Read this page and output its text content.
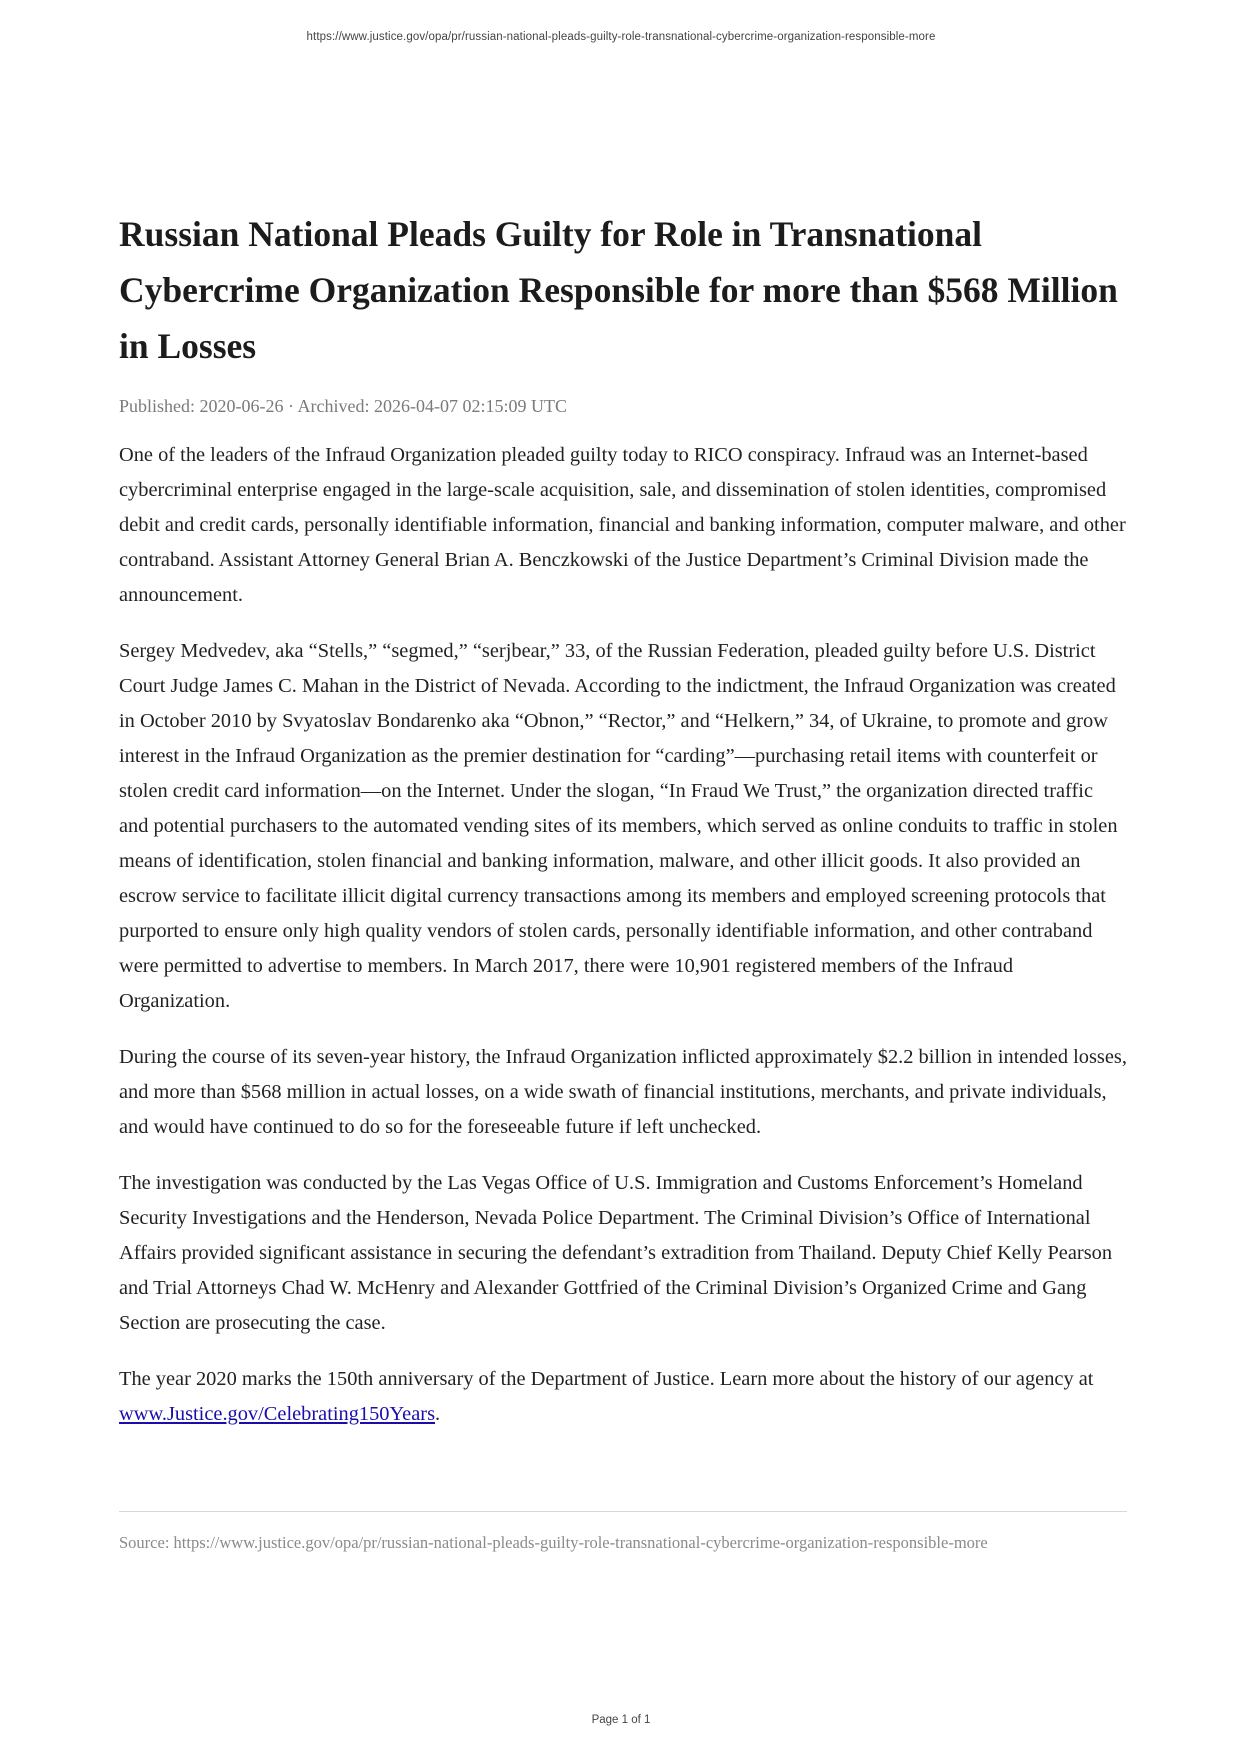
https://www.justice.gov/opa/pr/russian-national-pleads-guilty-role-transnational-cybercrime-organization-responsible-more
Russian National Pleads Guilty for Role in Transnational Cybercrime Organization Responsible for more than $568 Million in Losses
Published: 2020-06-26 · Archived: 2026-04-07 02:15:09 UTC

One of the leaders of the Infraud Organization pleaded guilty today to RICO conspiracy. Infraud was an Internet-based cybercriminal enterprise engaged in the large-scale acquisition, sale, and dissemination of stolen identities, compromised debit and credit cards, personally identifiable information, financial and banking information, computer malware, and other contraband. Assistant Attorney General Brian A. Benczkowski of the Justice Department’s Criminal Division made the announcement.

Sergey Medvedev, aka “Stells,” “segmed,” “serjbear,” 33, of the Russian Federation, pleaded guilty before U.S. District Court Judge James C. Mahan in the District of Nevada. According to the indictment, the Infraud Organization was created in October 2010 by Svyatoslav Bondarenko aka “Obnon,” “Rector,” and “Helkern,” 34, of Ukraine, to promote and grow interest in the Infraud Organization as the premier destination for “carding”—purchasing retail items with counterfeit or stolen credit card information—on the Internet. Under the slogan, “In Fraud We Trust,” the organization directed traffic and potential purchasers to the automated vending sites of its members, which served as online conduits to traffic in stolen means of identification, stolen financial and banking information, malware, and other illicit goods. It also provided an escrow service to facilitate illicit digital currency transactions among its members and employed screening protocols that purported to ensure only high quality vendors of stolen cards, personally identifiable information, and other contraband were permitted to advertise to members. In March 2017, there were 10,901 registered members of the Infraud Organization.

During the course of its seven-year history, the Infraud Organization inflicted approximately $2.2 billion in intended losses, and more than $568 million in actual losses, on a wide swath of financial institutions, merchants, and private individuals, and would have continued to do so for the foreseeable future if left unchecked.

The investigation was conducted by the Las Vegas Office of U.S. Immigration and Customs Enforcement’s Homeland Security Investigations and the Henderson, Nevada Police Department. The Criminal Division’s Office of International Affairs provided significant assistance in securing the defendant’s extradition from Thailand. Deputy Chief Kelly Pearson and Trial Attorneys Chad W. McHenry and Alexander Gottfried of the Criminal Division’s Organized Crime and Gang Section are prosecuting the case.

The year 2020 marks the 150th anniversary of the Department of Justice. Learn more about the history of our agency at www.Justice.gov/Celebrating150Years.

Source: https://www.justice.gov/opa/pr/russian-national-pleads-guilty-role-transnational-cybercrime-organization-responsible-more
Page 1 of 1
